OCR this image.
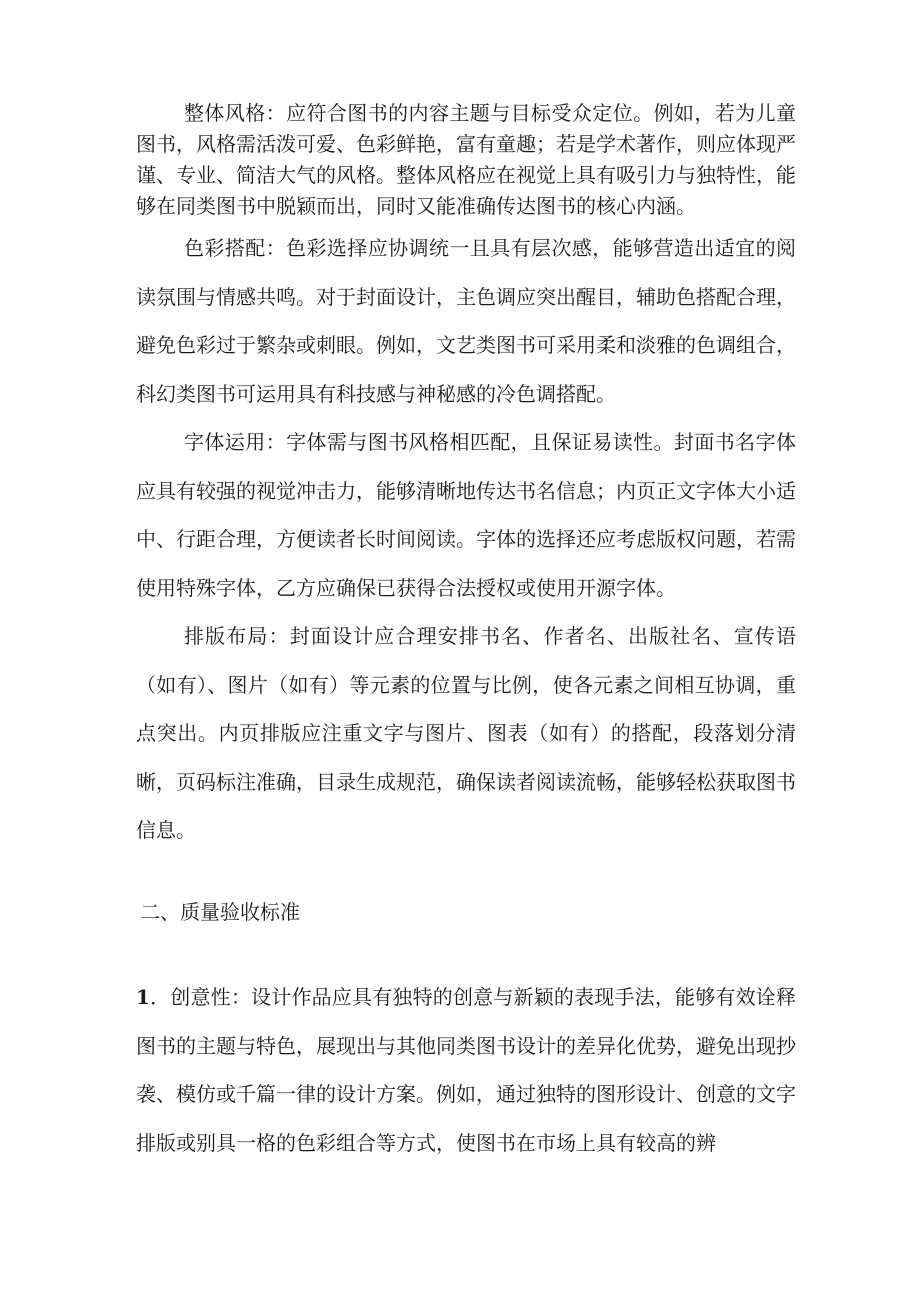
整体风格：应符合图书的内容主题与目标受众定位。例如，若为儿童图书，风格需活泼可爱、色彩鲜艳，富有童趣；若是学术著作，则应体现严谨、专业、简洁大气的风格。整体风格应在视觉上具有吸引力与独特性，能够在同类图书中脱颖而出，同时又能准确传达图书的核心内涵。

色彩搭配：色彩选择应协调统一且具有层次感，能够营造出适宜的阅读氛围与情感共鸣。对于封面设计，主色调应突出醒目，辅助色搭配合理，避免色彩过于繁杂或刺眼。例如，文艺类图书可采用柔和淡雅的色调组合，科幻类图书可运用具有科技感与神秘感的冷色调搭配。

字体运用：字体需与图书风格相匹配，且保证易读性。封面书名字体应具有较强的视觉冲击力，能够清晰地传达书名信息；内页正文字体大小适中、行距合理，方便读者长时间阅读。字体的选择还应考虑版权问题，若需使用特殊字体，乙方应确保已获得合法授权或使用开源字体。

排版布局：封面设计应合理安排书名、作者名、出版社名、宣传语（如有）、图片（如有）等元素的位置与比例，使各元素之间相互协调，重点突出。内页排版应注重文字与图片、图表（如有）的搭配，段落划分清晰，页码标注准确，目录生成规范，确保读者阅读流畅，能够轻松获取图书信息。

二、质量验收标准

1．创意性：设计作品应具有独特的创意与新颖的表现手法，能够有效诠释图书的主题与特色，展现出与其他同类图书设计的差异化优势，避免出现抄袭、模仿或千篇一律的设计方案。例如，通过独特的图形设计、创意的文字排版或别具一格的色彩组合等方式，使图书在市场上具有较高的辨
